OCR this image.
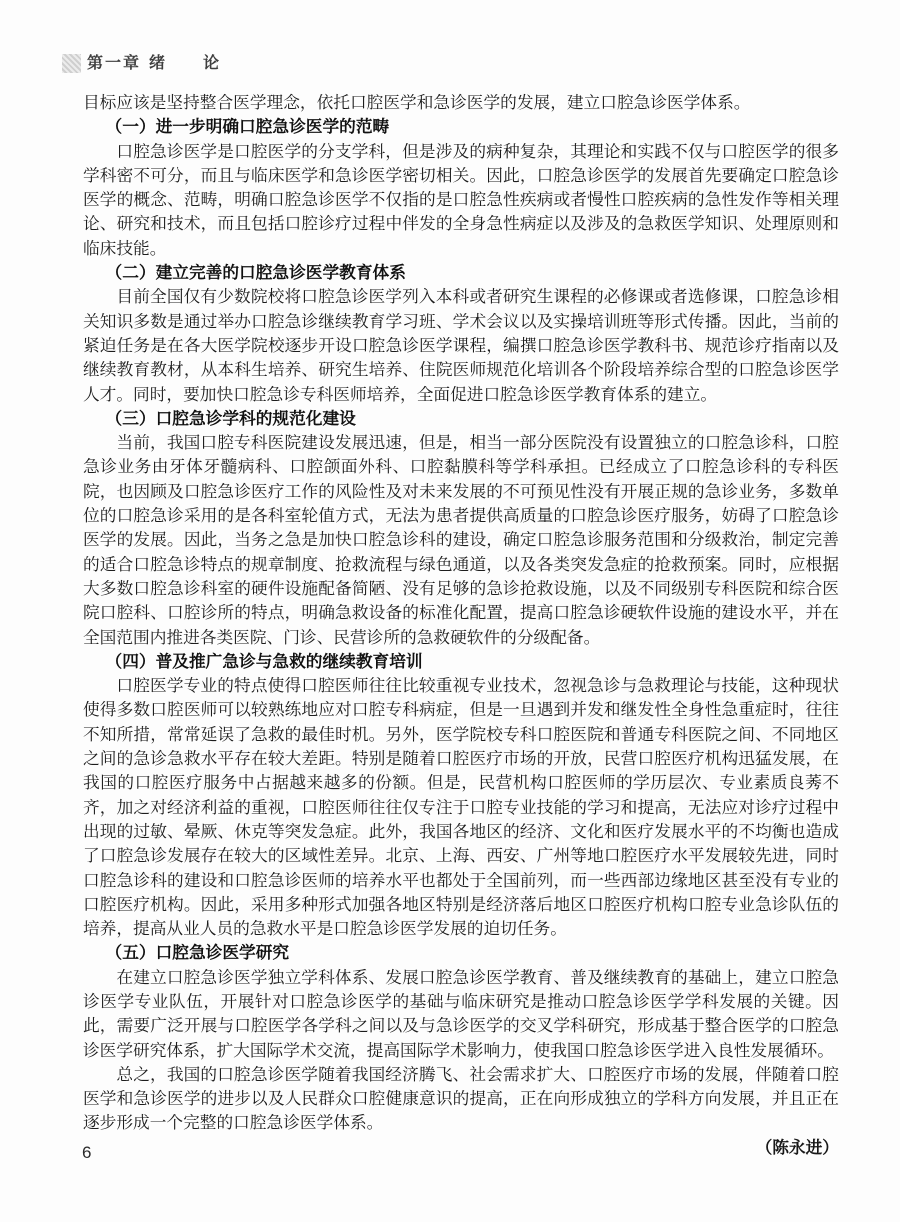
第一章 绪　　论

目标应该是坚持整合医学理念，依托口腔医学和急诊医学的发展，建立口腔急诊医学体系。

（一）进一步明确口腔急诊医学的范畴

口腔急诊医学是口腔医学的分支学科，但是涉及的病种复杂，其理论和实践不仅与口腔医学的很多学科密不可分，而且与临床医学和急诊医学密切相关。因此，口腔急诊医学的发展首先要确定口腔急诊医学的概念、范畴，明确口腔急诊医学不仅指的是口腔急性疾病或者慢性口腔疾病的急性发作等相关理论、研究和技术，而且包括口腔诊疗过程中伴发的全身急性病症以及涉及的急救医学知识、处理原则和临床技能。

（二）建立完善的口腔急诊医学教育体系

目前全国仅有少数院校将口腔急诊医学列入本科或者研究生课程的必修课或者选修课，口腔急诊相关知识多数是通过举办口腔急诊继续教育学习班、学术会议以及实操培训班等形式传播。因此，当前的紧迫任务是在各大医学院校逐步开设口腔急诊医学课程，编撰口腔急诊医学教科书、规范诊疗指南以及继续教育教材，从本科生培养、研究生培养、住院医师规范化培训各个阶段培养综合型的口腔急诊医学人才。同时，要加快口腔急诊专科医师培养，全面促进口腔急诊医学教育体系的建立。

（三）口腔急诊学科的规范化建设

当前，我国口腔专科医院建设发展迅速，但是，相当一部分医院没有设置独立的口腔急诊科，口腔急诊业务由牙体牙髓病科、口腔颌面外科、口腔黏膜科等学科承担。已经成立了口腔急诊科的专科医院，也因顾及口腔急诊医疗工作的风险性及对未来发展的不可预见性没有开展正规的急诊业务，多数单位的口腔急诊采用的是各科室轮值方式，无法为患者提供高质量的口腔急诊医疗服务，妨碍了口腔急诊医学的发展。因此，当务之急是加快口腔急诊科的建设，确定口腔急诊服务范围和分级救治，制定完善的适合口腔急诊特点的规章制度、抢救流程与绿色通道，以及各类突发急症的抢救预案。同时，应根据大多数口腔急诊科室的硬件设施配备简陋、没有足够的急诊抢救设施，以及不同级别专科医院和综合医院口腔科、口腔诊所的特点，明确急救设备的标准化配置，提高口腔急诊硬软件设施的建设水平，并在全国范围内推进各类医院、门诊、民营诊所的急救硬软件的分级配备。

（四）普及推广急诊与急救的继续教育培训

口腔医学专业的特点使得口腔医师往往比较重视专业技术，忽视急诊与急救理论与技能，这种现状使得多数口腔医师可以较熟练地应对口腔专科病症，但是一旦遇到并发和继发性全身性急重症时，往往不知所措，常常延误了急救的最佳时机。另外，医学院校专科口腔医院和普通专科医院之间、不同地区之间的急诊急救水平存在较大差距。特别是随着口腔医疗市场的开放，民营口腔医疗机构迅猛发展，在我国的口腔医疗服务中占据越来越多的份额。但是，民营机构口腔医师的学历层次、专业素质良莠不齐，加之对经济利益的重视，口腔医师往往仅专注于口腔专业技能的学习和提高，无法应对诊疗过程中出现的过敏、晕厥、休克等突发急症。此外，我国各地区的经济、文化和医疗发展水平的不均衡也造成了口腔急诊发展存在较大的区域性差异。北京、上海、西安、广州等地口腔医疗水平发展较先进，同时口腔急诊科的建设和口腔急诊医师的培养水平也都处于全国前列，而一些西部边缘地区甚至没有专业的口腔医疗机构。因此，采用多种形式加强各地区特别是经济落后地区口腔医疗机构口腔专业急诊队伍的培养，提高从业人员的急救水平是口腔急诊医学发展的迫切任务。

（五）口腔急诊医学研究

在建立口腔急诊医学独立学科体系、发展口腔急诊医学教育、普及继续教育的基础上，建立口腔急诊医学专业队伍，开展针对口腔急诊医学的基础与临床研究是推动口腔急诊医学学科发展的关键。因此，需要广泛开展与口腔医学各学科之间以及与急诊医学的交叉学科研究，形成基于整合医学的口腔急诊医学研究体系，扩大国际学术交流，提高国际学术影响力，使我国口腔急诊医学进入良性发展循环。

总之，我国的口腔急诊医学随着我国经济腾飞、社会需求扩大、口腔医疗市场的发展，伴随着口腔医学和急诊医学的进步以及人民群众口腔健康意识的提高，正在向形成独立的学科方向发展，并且正在逐步形成一个完整的口腔急诊医学体系。

（陈永进）

6
